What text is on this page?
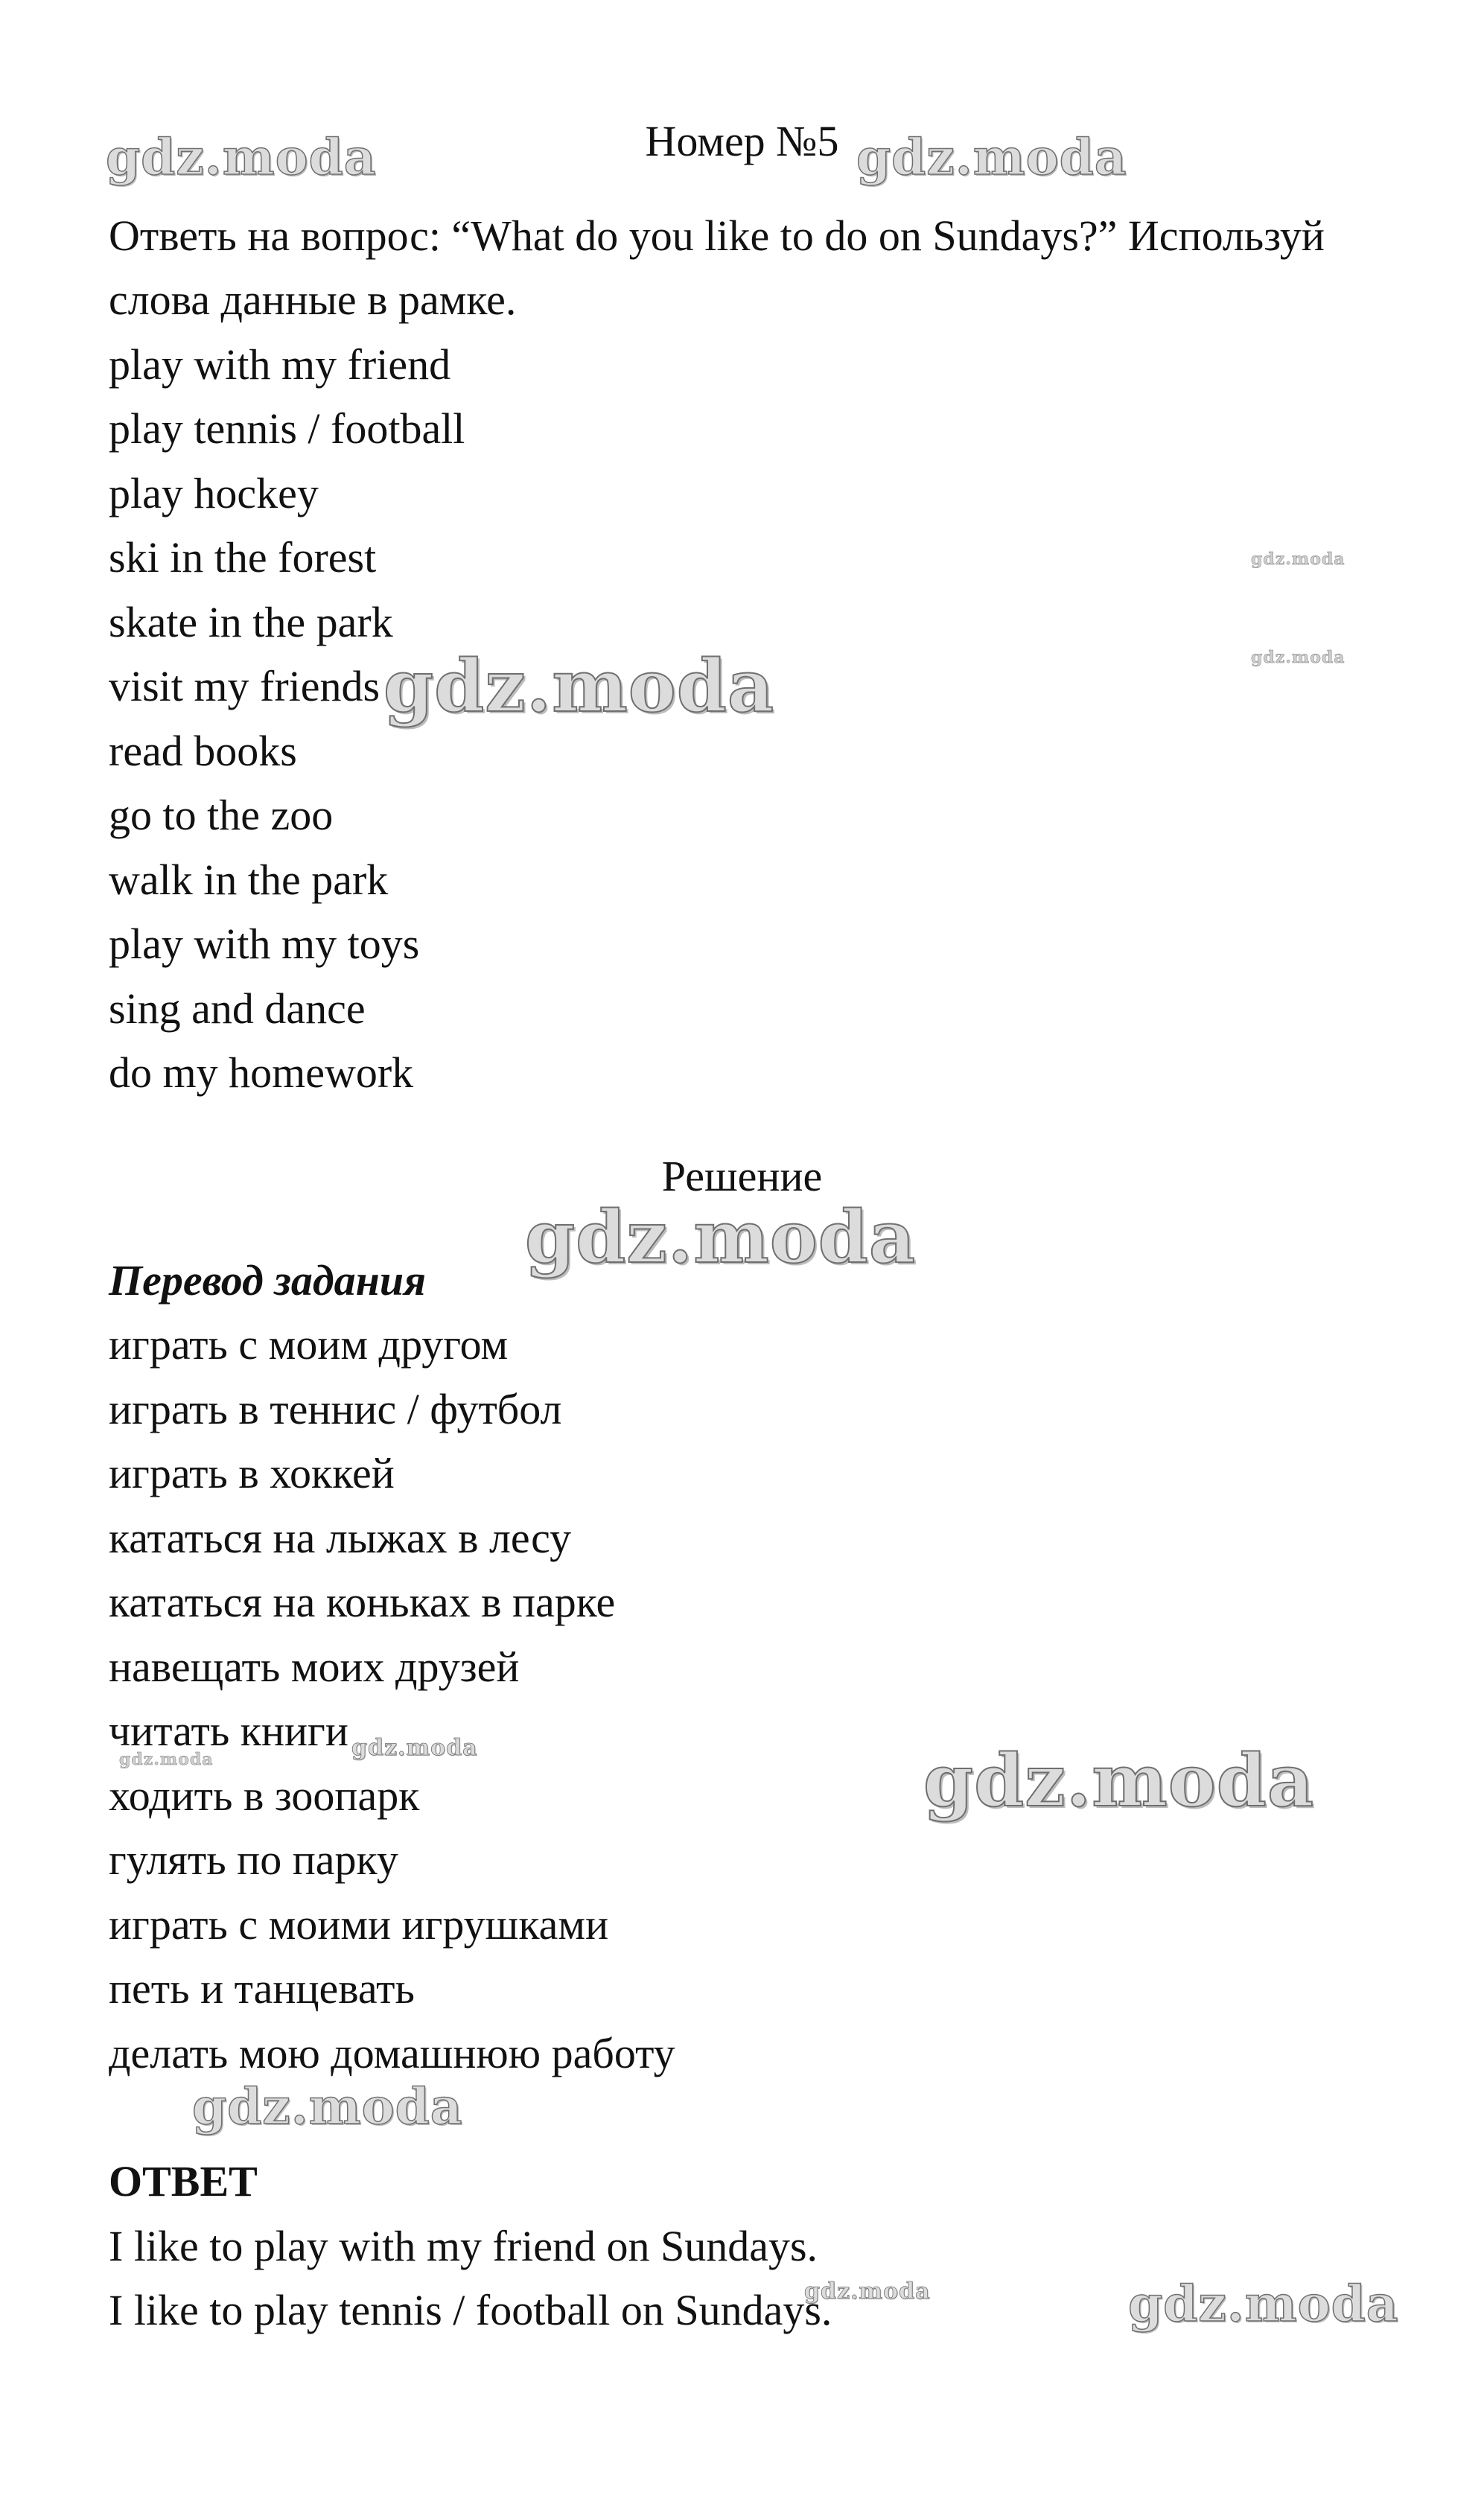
Номер №5
Ответь на вопрос: “What do you like to do on Sundays?” Используй
слова данные в рамке.
play with my friend
play tennis / football
play hockey
ski in the forest
skate in the park
visit my friends
read books
go to the zoo
walk in the park
play with my toys
sing and dance
do my homework
Решение
Перевод задания
играть с моим другом
играть в теннис / футбол
играть в хоккей
кататься на лыжах в лесу
кататься на коньках в парке
навещать моих друзей
читать книги
ходить в зоопарк
гулять по парку
играть с моими игрушками
петь и танцевать
делать мою домашнюю работу
ОТВЕТ
I like to play with my friend on Sundays.
I like to play tennis / football on Sundays.
gdz.moda	gdz.moda
gdz.moda
gdz.moda
gdz.moda
gdz.moda
gdz.moda	gdz.moda	gdz.moda
gdz.moda
gdz.moda	gdz.moda
